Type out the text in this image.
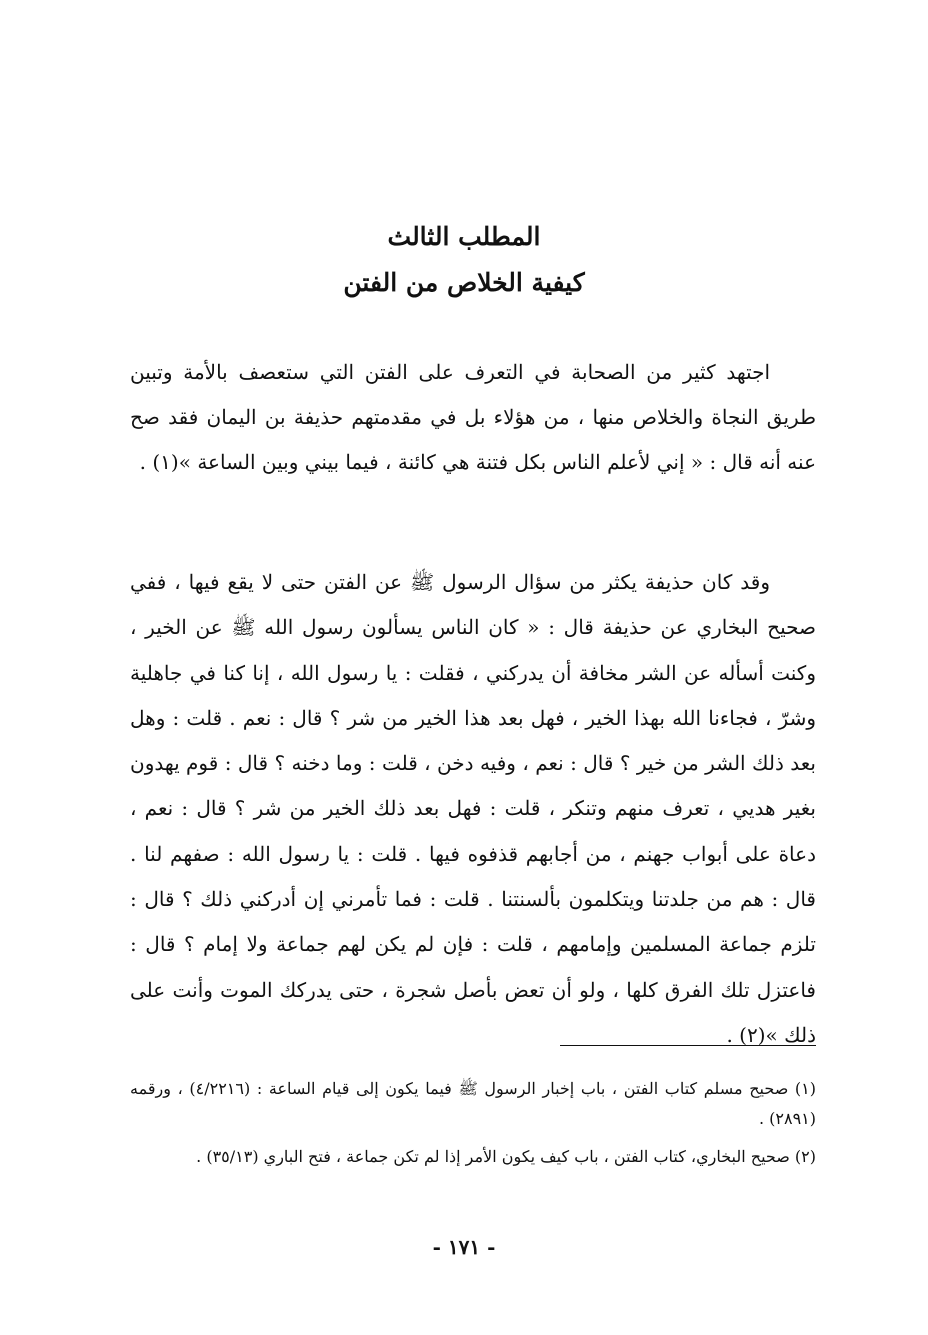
المطلب الثالث
كيفية الخلاص من الفتن

اجتهد كثير من الصحابة في التعرف على الفتن التي ستعصف بالأمة وتبين طريق النجاة والخلاص منها ، من هؤلاء بل في مقدمتهم حذيفة بن اليمان فقد صح عنه أنه قال : « إني لأعلم الناس بكل فتنة هي كائنة ، فيما بيني وبين الساعة »(١) .

وقد كان حذيفة يكثر من سؤال الرسول ﷺ عن الفتن حتى لا يقع فيها ، ففي صحيح البخاري عن حذيفة قال : « كان الناس يسألون رسول الله ﷺ عن الخير ، وكنت أسأله عن الشر مخافة أن يدركني ، فقلت : يا رسول الله ، إنا كنا في جاهلية وشرّ ، فجاءنا الله بهذا الخير ، فهل بعد هذا الخير من شر ؟ قال : نعم . قلت : وهل بعد ذلك الشر من خير ؟ قال : نعم ، وفيه دخن ، قلت : وما دخنه ؟ قال : قوم يهدون بغير هديي ، تعرف منهم وتنكر ، قلت : فهل بعد ذلك الخير من شر ؟ قال : نعم ، دعاة على أبواب جهنم ، من أجابهم قذفوه فيها . قلت : يا رسول الله : صفهم لنا . قال : هم من جلدتنا ويتكلمون بألسنتنا . قلت : فما تأمرني إن أدركني ذلك ؟ قال : تلزم جماعة المسلمين وإمامهم ، قلت : فإن لم يكن لهم جماعة ولا إمام ؟ قال : فاعتزل تلك الفرق كلها ، ولو أن تعض بأصل شجرة ، حتى يدركك الموت وأنت على ذلك »(٢) .

(١) صحيح مسلم كتاب الفتن ، باب إخبار الرسول ﷺ فيما يكون إلى قيام الساعة : (٤/٢٢١٦) ، ورقمه (٢٨٩١) .

(٢) صحيح البخاري، كتاب الفتن ، باب كيف يكون الأمر إذا لم تكن جماعة ، فتح الباري (٣٥/١٣) .

- ١٧١ -
